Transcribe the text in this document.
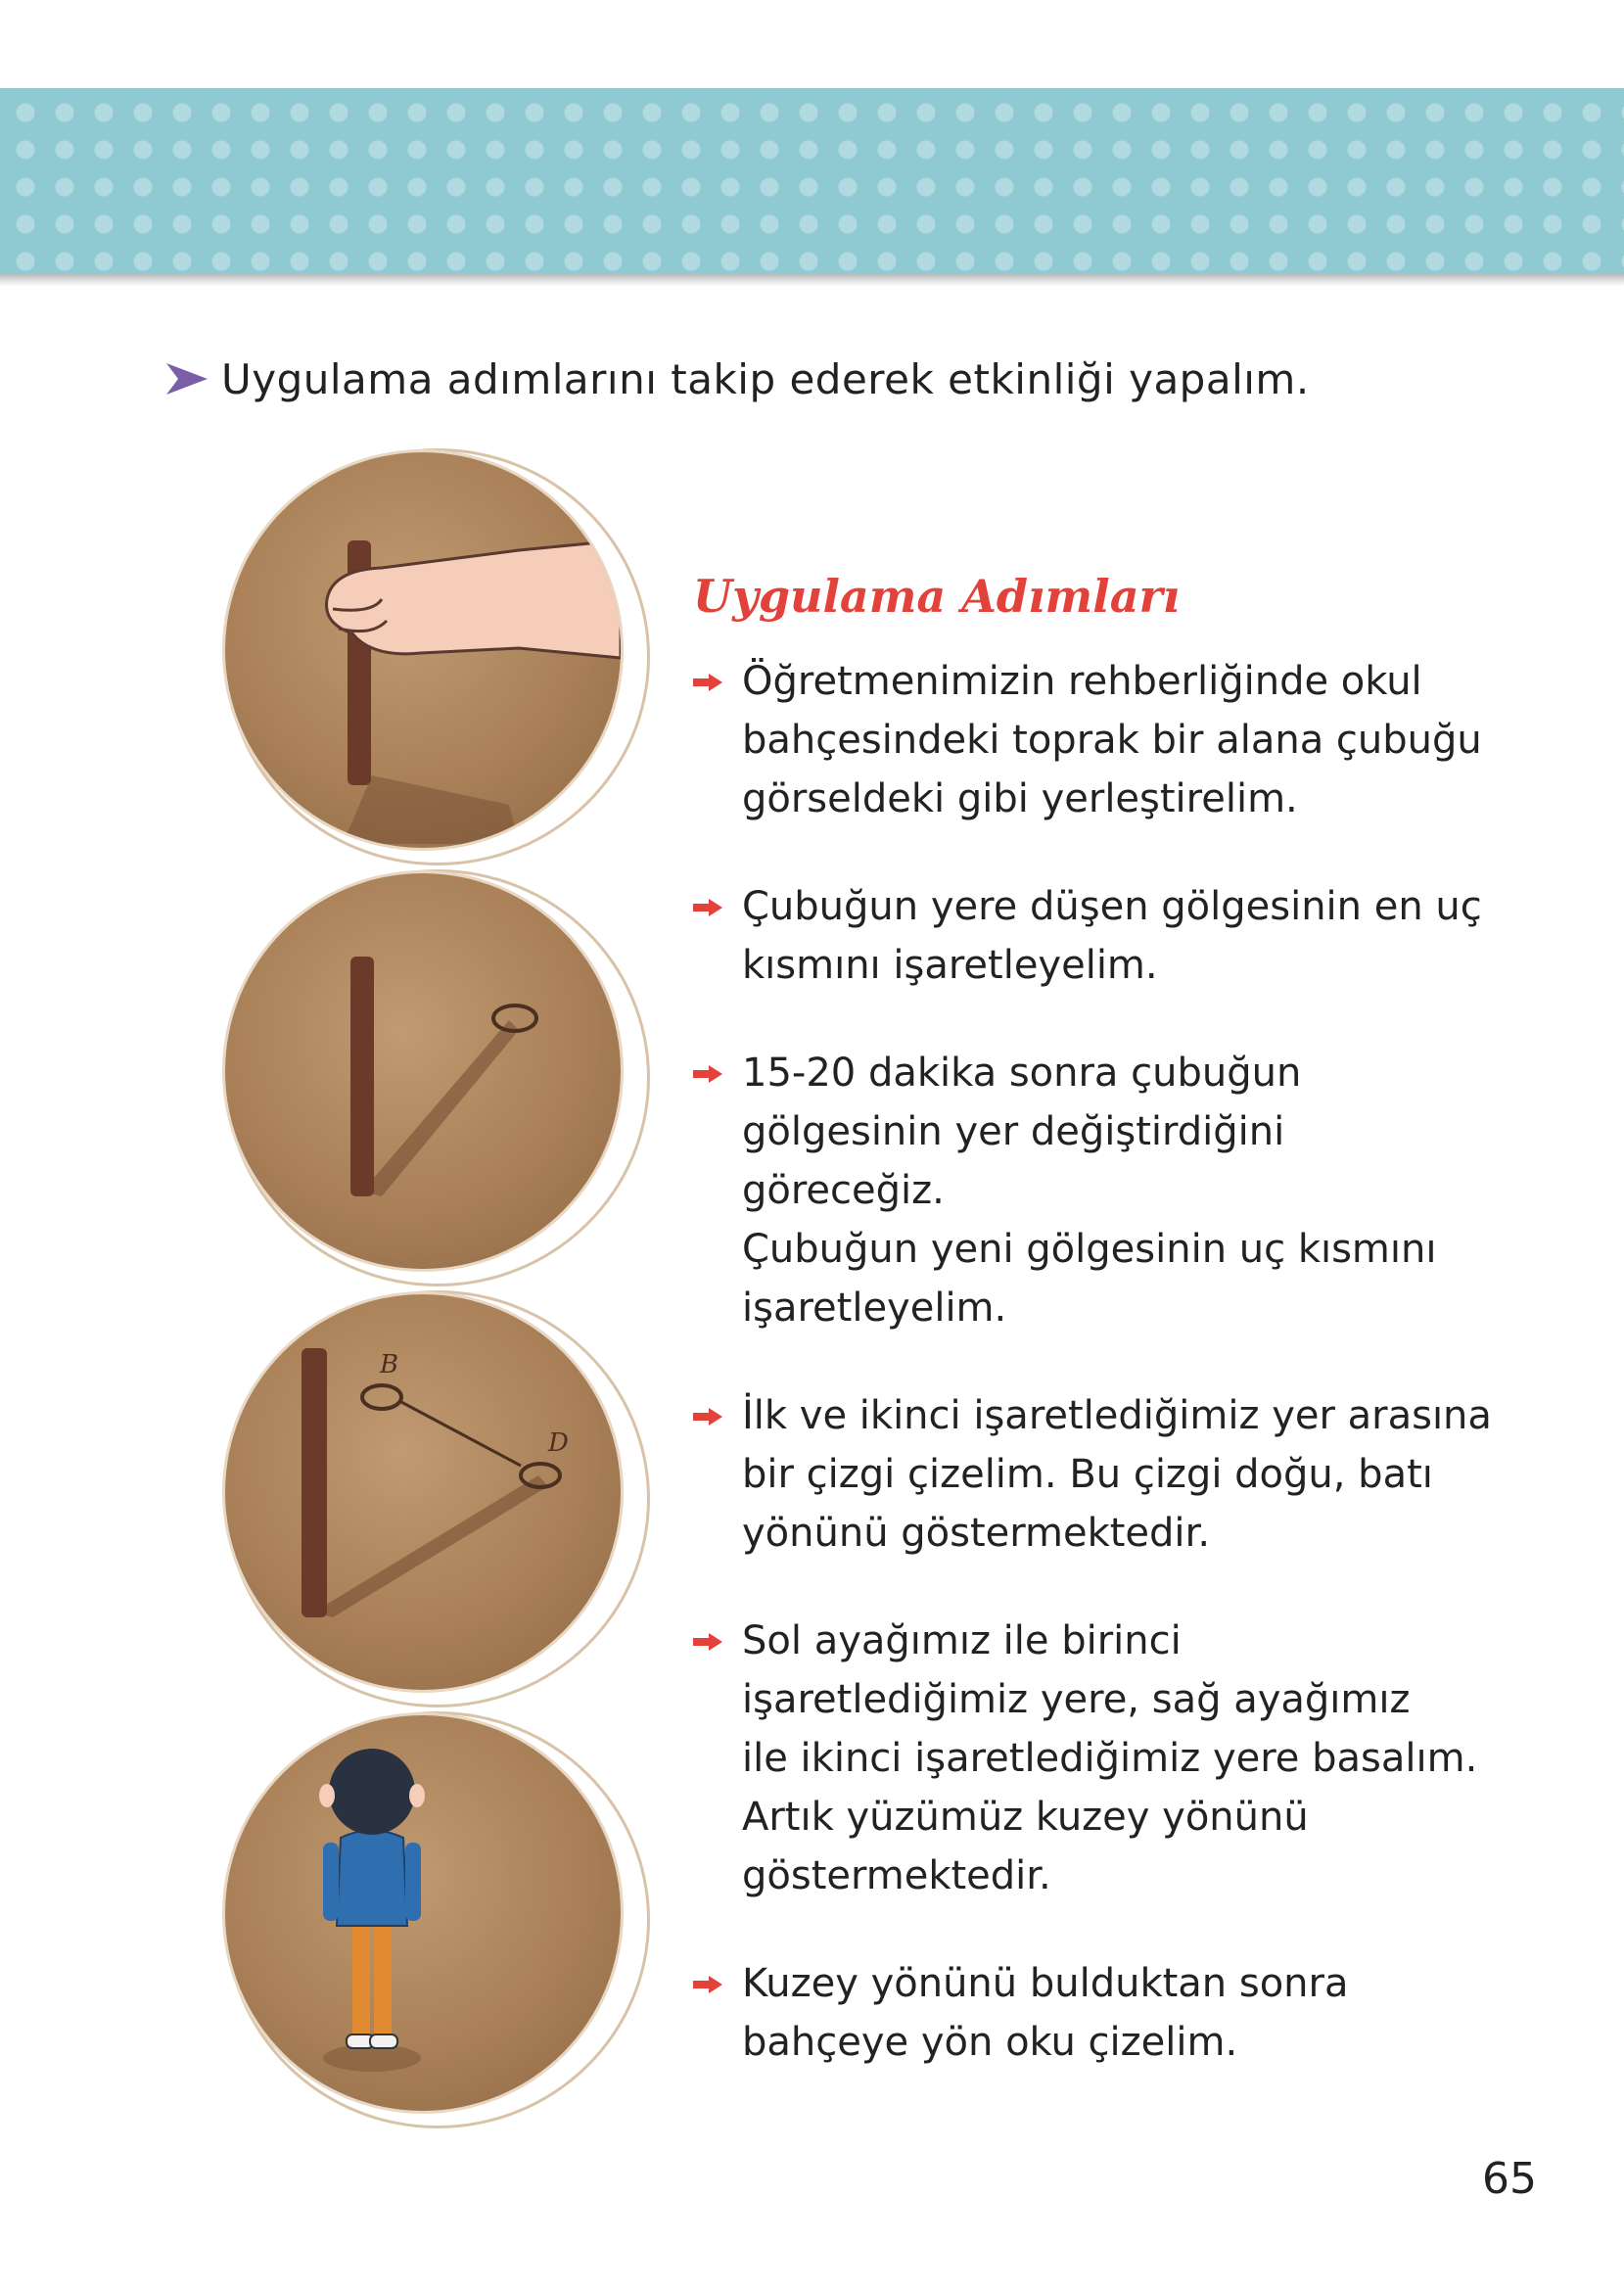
Uygulama adımlarını takip ederek etkinliği yapalım.
B
D
Uygulama Adımları
Öğretmenimizin rehberliğinde okul
bahçesindeki toprak bir alana çubuğu
görseldeki gibi yerleştirelim.
Çubuğun yere düşen gölgesinin en uç
kısmını işaretleyelim.
15-20 dakika sonra çubuğun
gölgesinin yer değiştirdiğini göreceğiz.
Çubuğun yeni gölgesinin uç kısmını
işaretleyelim.
İlk ve ikinci işaretlediğimiz yer arasına
bir çizgi çizelim. Bu çizgi doğu, batı
yönünü göstermektedir.
Sol ayağımız ile birinci
işaretlediğimiz yere, sağ ayağımız
ile ikinci işaretlediğimiz yere basalım.
Artık yüzümüz kuzey yönünü
göstermektedir.
Kuzey yönünü bulduktan sonra
bahçeye yön oku çizelim.
65
